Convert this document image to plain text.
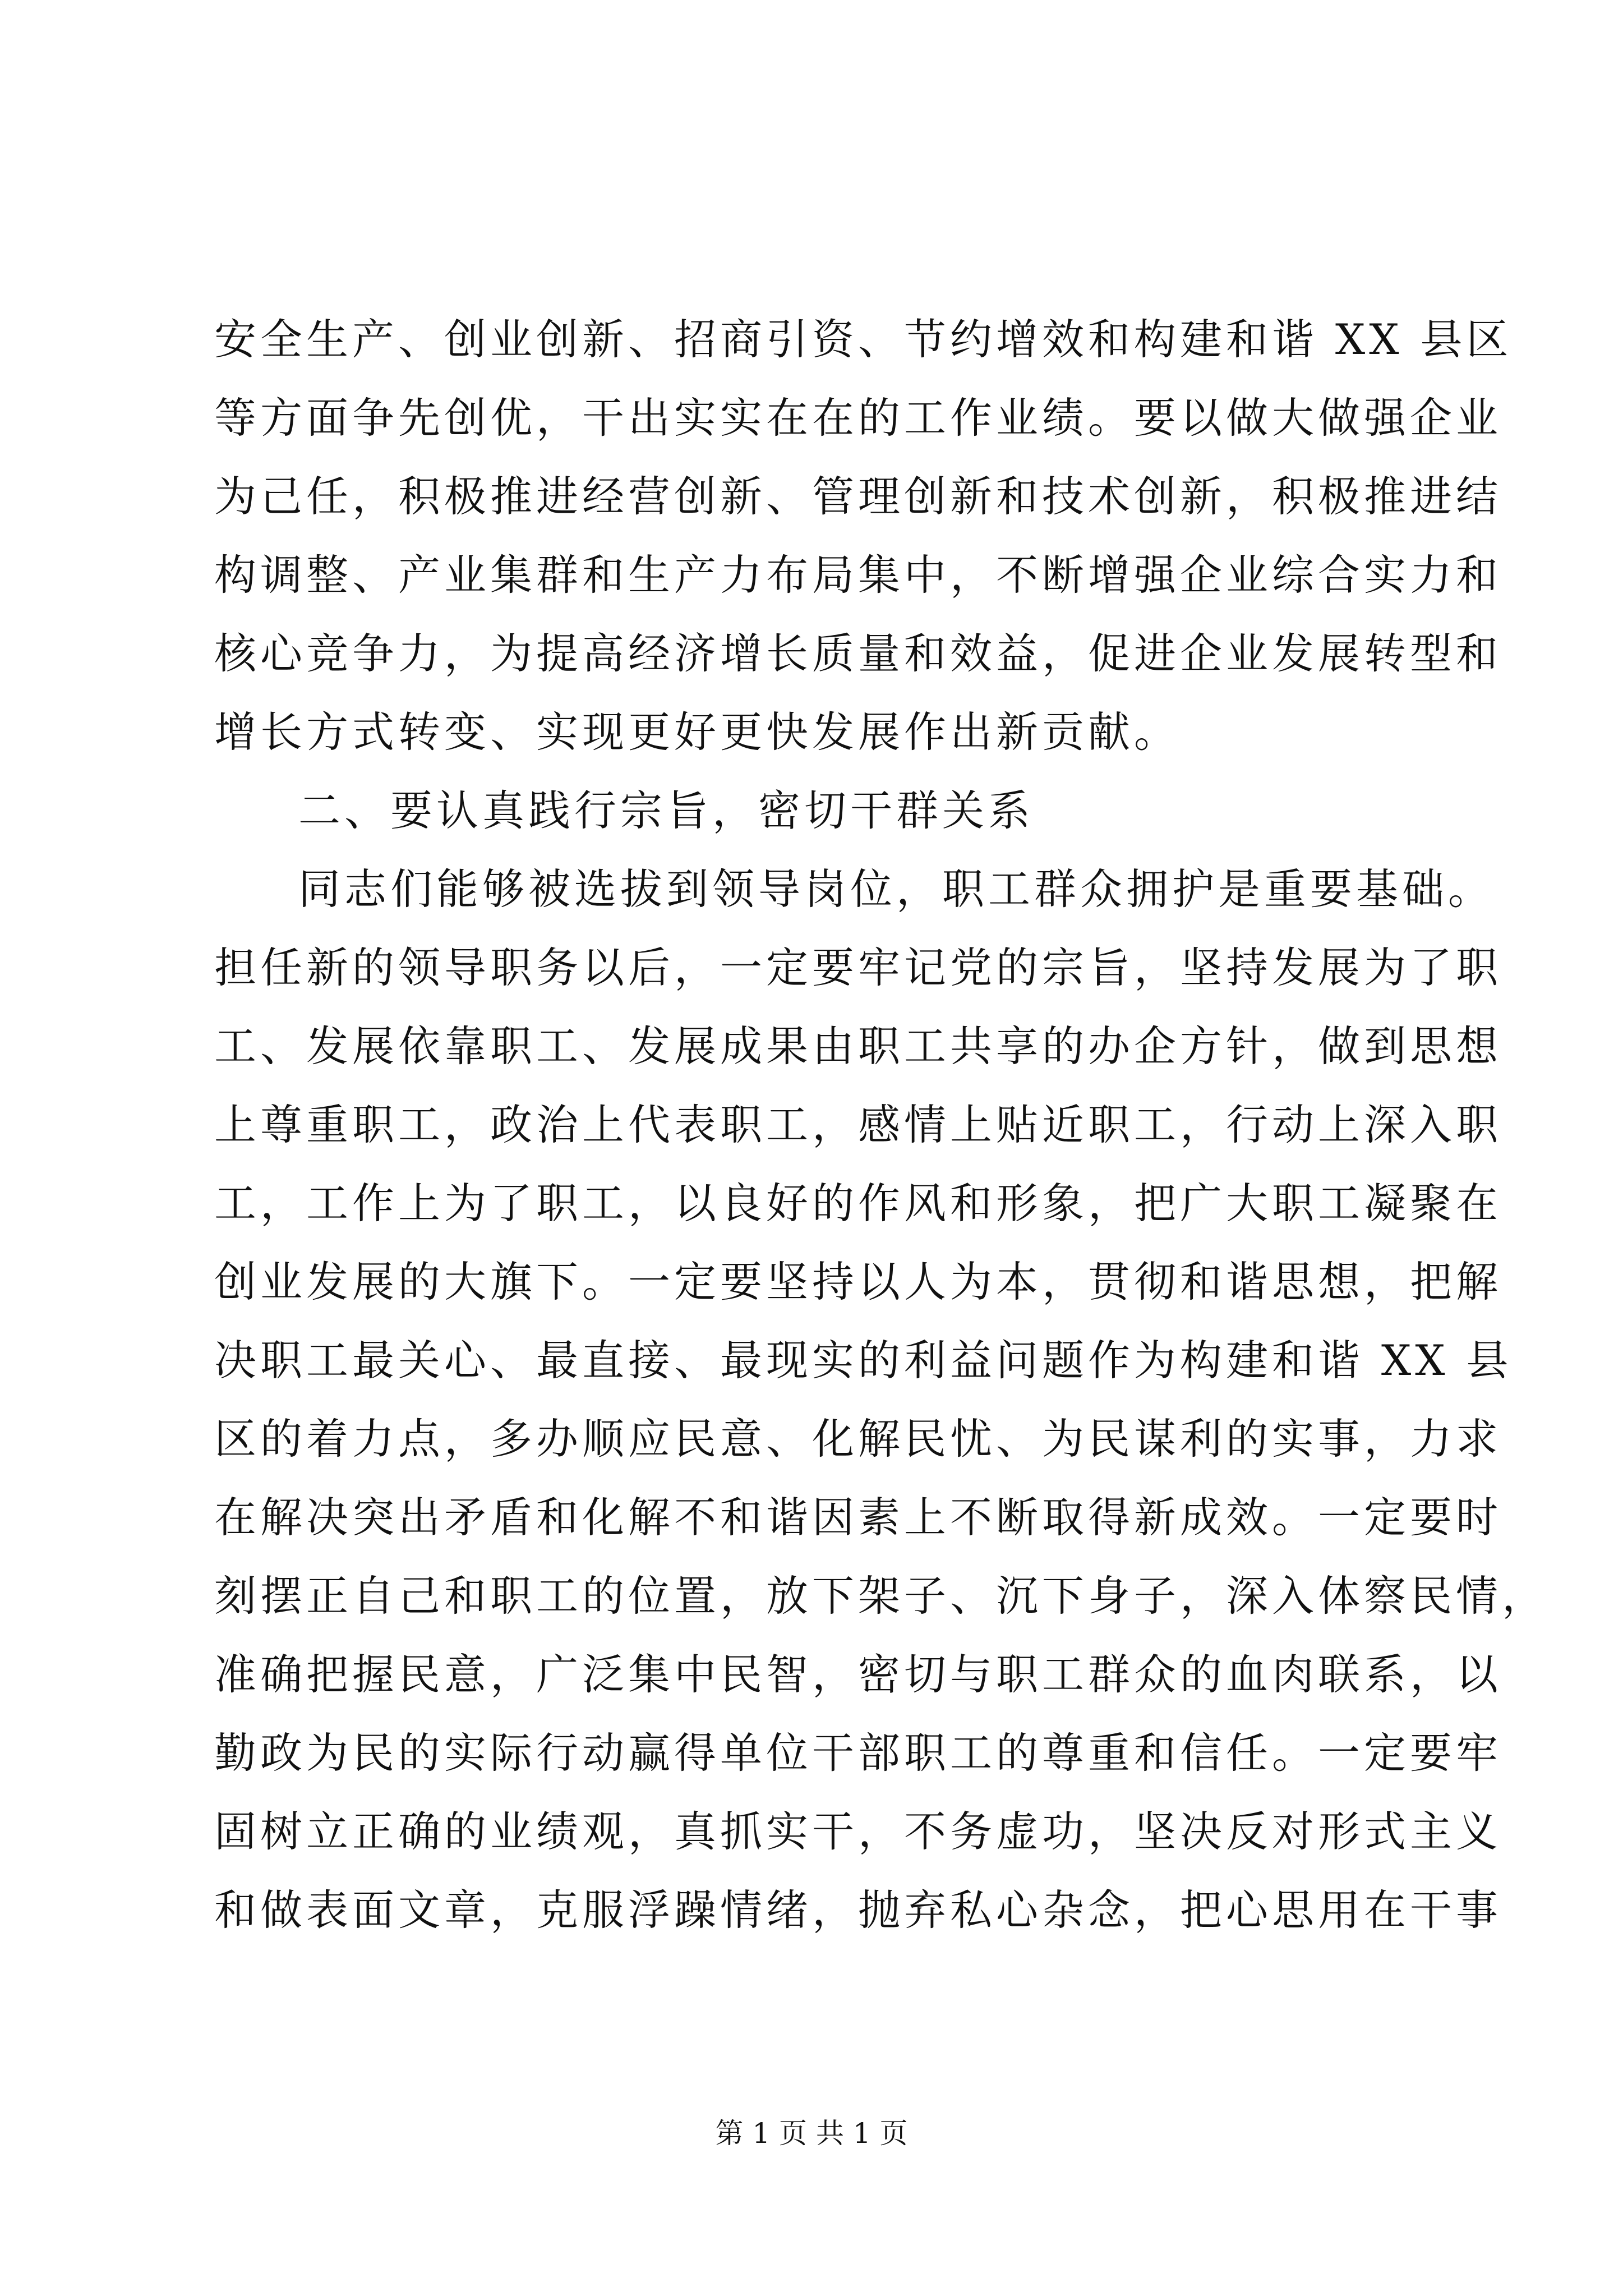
安全生产、创业创新、招商引资、节约增效和构建和谐 XX 县区
等方面争先创优，干出实实在在的工作业绩。要以做大做强企业
为己任，积极推进经营创新、管理创新和技术创新，积极推进结
构调整、产业集群和生产力布局集中，不断增强企业综合实力和
核心竞争力，为提高经济增长质量和效益，促进企业发展转型和
增长方式转变、实现更好更快发展作出新贡献。
二、要认真践行宗旨，密切干群关系
同志们能够被选拔到领导岗位，职工群众拥护是重要基础。
担任新的领导职务以后，一定要牢记党的宗旨，坚持发展为了职
工、发展依靠职工、发展成果由职工共享的办企方针，做到思想
上尊重职工，政治上代表职工，感情上贴近职工，行动上深入职
工，工作上为了职工，以良好的作风和形象，把广大职工凝聚在
创业发展的大旗下。一定要坚持以人为本，贯彻和谐思想，把解
决职工最关心、最直接、最现实的利益问题作为构建和谐 XX 县
区的着力点，多办顺应民意、化解民忧、为民谋利的实事，力求
在解决突出矛盾和化解不和谐因素上不断取得新成效。一定要时
刻摆正自己和职工的位置，放下架子、沉下身子，深入体察民情，
准确把握民意，广泛集中民智，密切与职工群众的血肉联系，以
勤政为民的实际行动赢得单位干部职工的尊重和信任。一定要牢
固树立正确的业绩观，真抓实干，不务虚功，坚决反对形式主义
和做表面文章，克服浮躁情绪，抛弃私心杂念，把心思用在干事
第 1 页 共 1 页
